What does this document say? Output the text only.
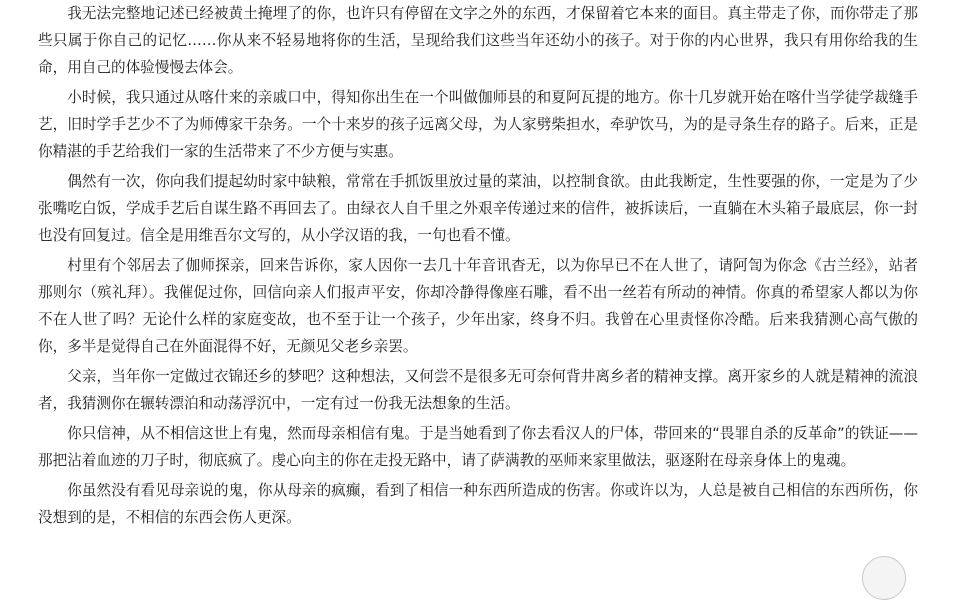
我无法完整地记述已经被黄土掩埋了的你，也许只有停留在文字之外的东西，才保留着它本来的面目。真主带走了你，而你带走了那些只属于你自己的记忆……你从来不轻易地将你的生活，呈现给我们这些当年还幼小的孩子。对于你的内心世界，我只有用你给我的生命，用自己的体验慢慢去体会。

小时候，我只通过从喀什来的亲戚口中，得知你出生在一个叫做伽师县的和夏阿瓦提的地方。你十几岁就开始在喀什当学徒学裁缝手艺，旧时学手艺少不了为师傅家干杂务。一个十来岁的孩子远离父母，为人家劈柴担水，牵驴饮马，为的是寻条生存的路子。后来，正是你精湛的手艺给我们一家的生活带来了不少方便与实惠。

偶然有一次，你向我们提起幼时家中缺粮，常常在手抓饭里放过量的菜油，以控制食欲。由此我断定，生性要强的你，一定是为了少张嘴吃白饭，学成手艺后自谋生路不再回去了。由绿衣人自千里之外艰辛传递过来的信件，被拆读后，一直躺在木头箱子最底层，你一封也没有回复过。信全是用维吾尔文写的，从小学汉语的我，一句也看不懂。

村里有个邻居去了伽师探亲，回来告诉你，家人因你一去几十年音讯杳无，以为你早已不在人世了，请阿訇为你念《古兰经》，站者那则尔（殡礼拜）。我催促过你，回信向亲人们报声平安，你却冷静得像座石雕，看不出一丝若有所动的神情。你真的希望家人都以为你不在人世了吗？无论什么样的家庭变故，也不至于让一个孩子，少年出家，终身不归。我曾在心里责怪你冷酷。后来我猜测心高气傲的你，多半是觉得自己在外面混得不好，无颜见父老乡亲罢。

父亲，当年你一定做过衣锦还乡的梦吧？这种想法，又何尝不是很多无可奈何背井离乡者的精神支撑。离开家乡的人就是精神的流浪者，我猜测你在辗转漂泊和动荡浮沉中，一定有过一份我无法想象的生活。

你只信神，从不相信这世上有鬼，然而母亲相信有鬼。于是当她看到了你去看汉人的尸体，带回来的“畏罪自杀的反革命”的铁证——那把沾着血迹的刀子时，彻底疯了。虔心向主的你在走投无路中，请了萨满教的巫师来家里做法，驱逐附在母亲身体上的鬼魂。

你虽然没有看见母亲说的鬼，你从母亲的疯癫，看到了相信一种东西所造成的伤害。你或许以为，人总是被自己相信的东西所伤，你没想到的是，不相信的东西会伤人更深。
